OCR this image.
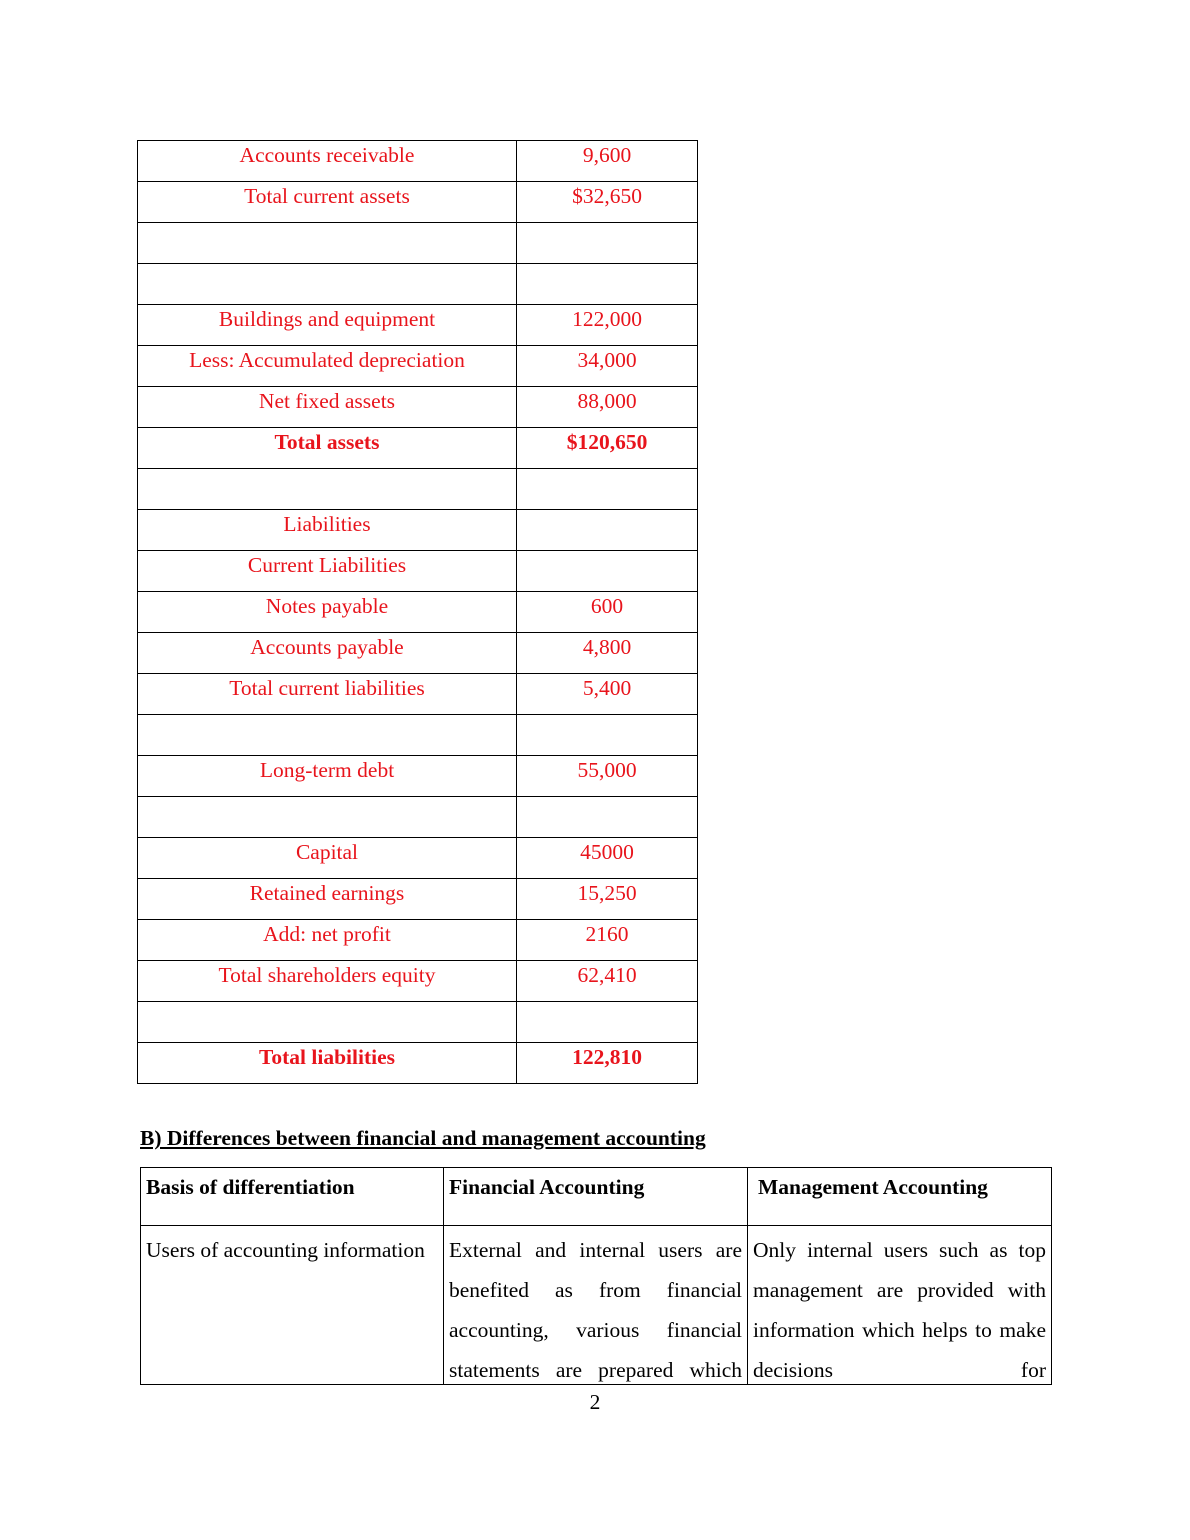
Accounts receivable	9,600
Total current assets	$32,650

Buildings and equipment	122,000
Less: Accumulated depreciation	34,000
Net fixed assets	88,000
Total assets	$120,650

Liabilities	
Current Liabilities	
Notes payable	600
Accounts payable	4,800
Total current liabilities	5,400

Long-term debt	55,000

Capital	45000
Retained earnings	15,250
Add: net profit	2160
Total shareholders equity	62,410

Total liabilities	122,810
B) Differences between financial and management accounting
Basis of differentiation	Financial Accounting	Management Accounting

Users of accounting information	External and internal users are benefited as from financial accounting, various financial statements are prepared which	Only internal users such as top management are provided with information which helps to make decisions for
2
